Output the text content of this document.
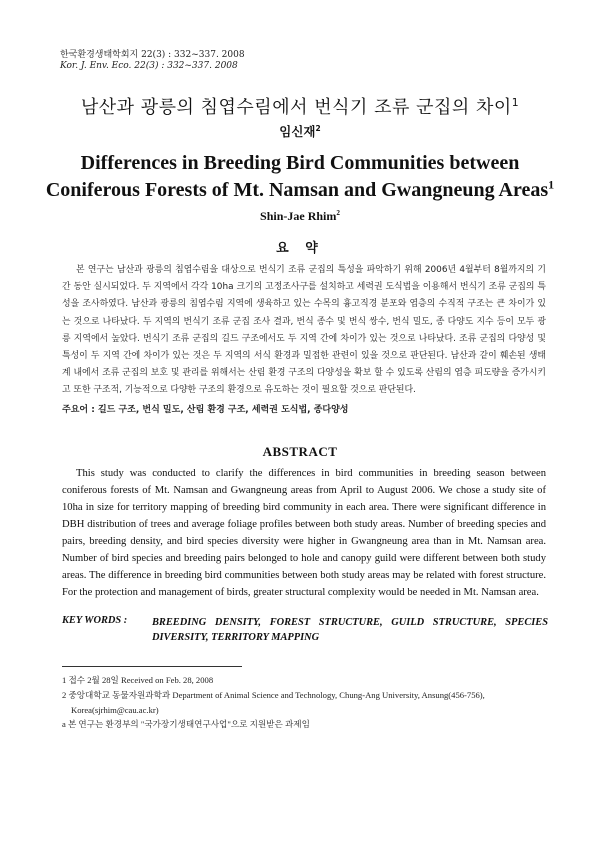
한국환경생태학회지 22(3) : 332~337. 2008
Kor. J. Env. Eco. 22(3) : 332~337. 2008
남산과 광릉의 침엽수림에서 번식기 조류 군집의 차이$^1$
임신재$^2$
Differences in Breeding Bird Communities between Coniferous Forests of Mt. Namsan and Gwangneung Areas$^1$
Shin-Jae Rhim$^2$
요 약
본 연구는 남산과 광릉의 침엽수림을 대상으로 번식기 조류 군집의 특성을 파악하기 위해 2006년 4월부터 8월까지의 기간 동안 실시되었다. 두 지역에서 각각 10ha 크기의 고정조사구를 설치하고 세력권 도식법을 이용해서 번식기 조류 군집의 특성을 조사하였다. 남산과 광릉의 침엽수림 지역에 생육하고 있는 수목의 흉고직경 분포와 엽층의 수직적 구조는 큰 차이가 있는 것으로 나타났다. 두 지역의 번식기 조류 군집 조사 결과, 번식 종수 및 번식 쌍수, 번식 밀도, 종 다양도 지수 등이 모두 광릉 지역에서 높았다. 번식기 조류 군집의 길드 구조에서도 두 지역 간에 차이가 있는 것으로 나타났다. 조류 군집의 다양성 및 특성이 두 지역 간에 차이가 있는 것은 두 지역의 서식 환경과 밀접한 관련이 있을 것으로 판단된다. 남산과 같이 훼손된 생태계 내에서 조류 군집의 보호 및 관리를 위해서는 산림 환경 구조의 다양성을 확보 할 수 있도록 산림의 엽층 피도량을 증가시키고 또한 구조적, 기능적으로 다양한 구조의 환경으로 유도하는 것이 필요할 것으로 판단된다.
주요어 : 길드 구조, 번식 밀도, 산림 환경 구조, 세력권 도식법, 종다양성
ABSTRACT
This study was conducted to clarify the differences in bird communities in breeding season between coniferous forests of Mt. Namsan and Gwangneung areas from April to August 2006. We chose a study site of 10ha in size for territory mapping of breeding bird community in each area. There were significant difference in DBH distribution of trees and average foliage profiles between both study areas. Number of breeding species and pairs, breeding density, and bird species diversity were higher in Gwangneung area than in Mt. Namsan area. Number of bird species and breeding pairs belonged to hole and canopy guild were different between both study areas. The difference in breeding bird communities between both study areas may be related with forest structure. For the protection and management of birds, greater structural complexity would be needed in Mt. Namsan area.
KEY WORDS : BREEDING DENSITY, FOREST STRUCTURE, GUILD STRUCTURE, SPECIES DIVERSITY, TERRITORY MAPPING
1 접수 2월 28일 Received on Feb. 28, 2008
2 중앙대학교 동물자원과학과 Department of Animal Science and Technology, Chung-Ang University, Ansung(456-756), Korea(sjrhim@cau.ac.kr)
a 본 연구는 환경부의 "국가장기생태연구사업"으로 지원받은 과제임
